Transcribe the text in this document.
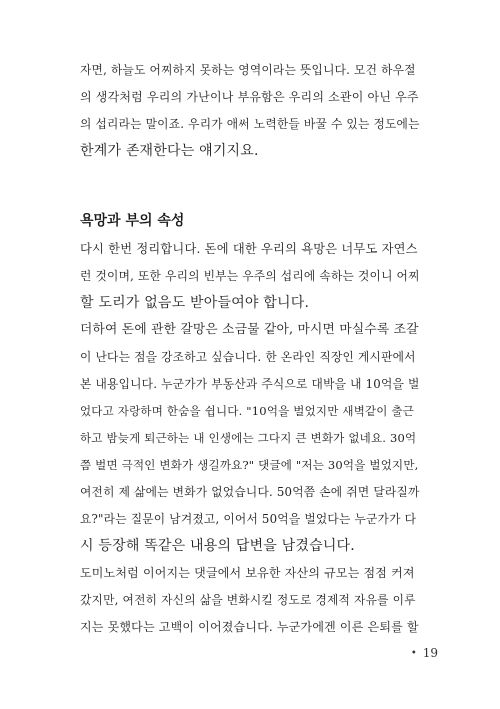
자면, 하늘도 어찌하지 못하는 영역이라는 뜻입니다. 모건 하우절
의 생각처럼 우리의 가난이나 부유함은 우리의 소관이 아닌 우주
의 섭리라는 말이죠. 우리가 애써 노력한들 바꿀 수 있는 정도에는
한계가 존재한다는 얘기지요.
욕망과 부의 속성
다시 한번 정리합니다. 돈에 대한 우리의 욕망은 너무도 자연스
런 것이며, 또한 우리의 빈부는 우주의 섭리에 속하는 것이니 어찌
할 도리가 없음도 받아들여야 합니다.
더하여 돈에 관한 갈망은 소금물 같아, 마시면 마실수록 조갈
이 난다는 점을 강조하고 싶습니다. 한 온라인 직장인 게시판에서
본 내용입니다. 누군가가 부동산과 주식으로 대박을 내 10억을 벌
었다고 자랑하며 한숨을 쉽니다. "10억을 벌었지만 새벽같이 출근
하고 밤늦게 퇴근하는 내 인생에는 그다지 큰 변화가 없네요. 30억
쯤 벌면 극적인 변화가 생길까요?" 댓글에 "저는 30억을 벌었지만,
여전히 제 삶에는 변화가 없었습니다. 50억쯤 손에 쥐면 달라질까
요?"라는 질문이 남겨졌고, 이어서 50억을 벌었다는 누군가가 다
시 등장해 똑같은 내용의 답변을 남겼습니다.
도미노처럼 이어지는 댓글에서 보유한 자산의 규모는 점점 커져
갔지만, 여전히 자신의 삶을 변화시킬 정도로 경제적 자유를 이루
지는 못했다는 고백이 이어졌습니다. 누군가에겐 이른 은퇴를 할
• 19
